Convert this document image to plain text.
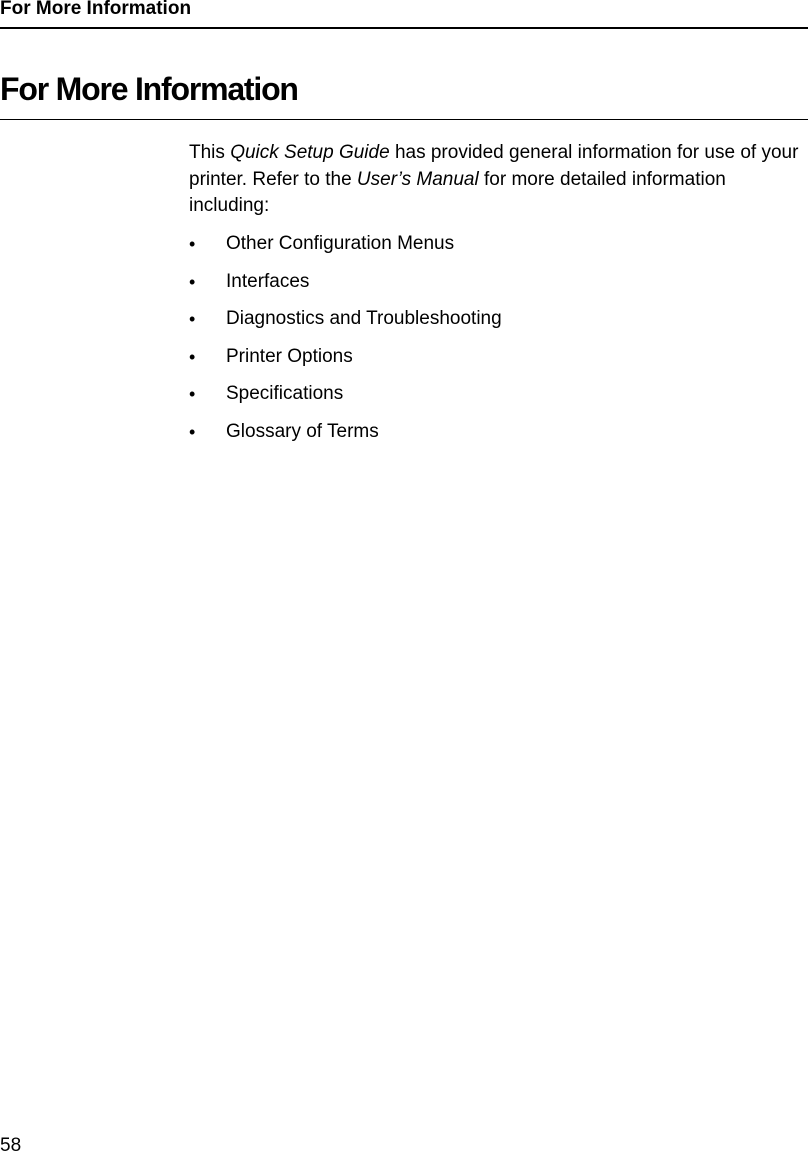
For More Information
For More Information

This Quick Setup Guide has provided general information for use of your printer. Refer to the User’s Manual for more detailed information including:

• Other Configuration Menus
• Interfaces
• Diagnostics and Troubleshooting
• Printer Options
• Specifications
• Glossary of Terms
58
